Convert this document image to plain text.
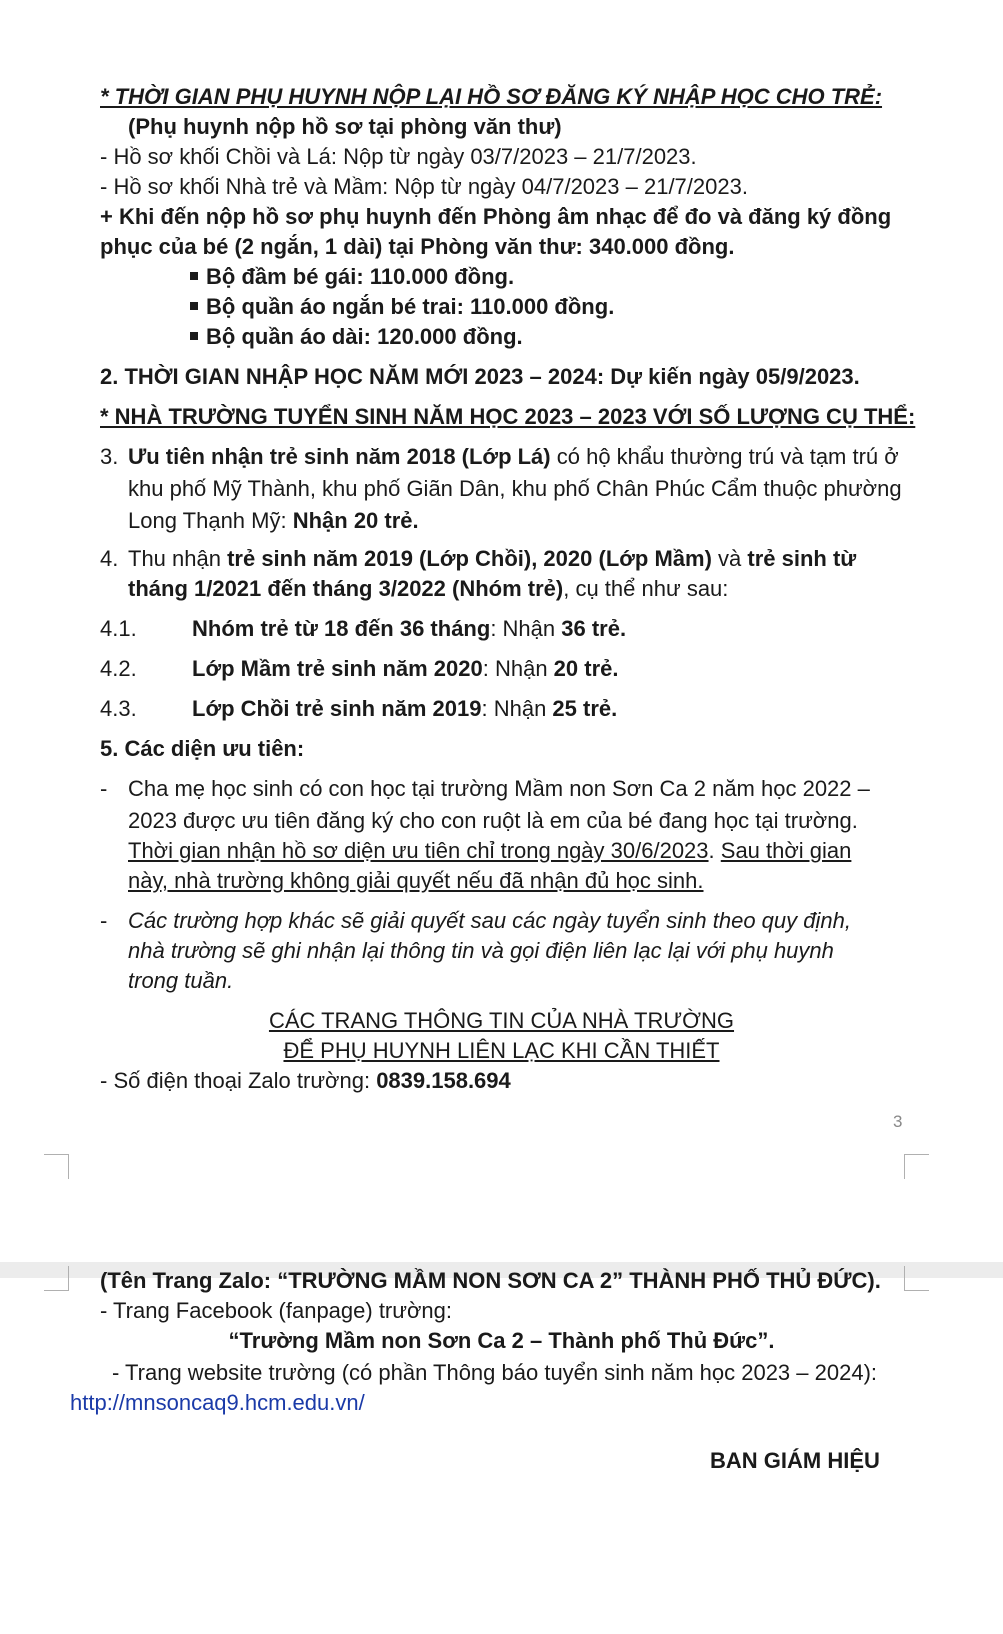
* THỜI GIAN PHỤ HUYNH NỘP LẠI HỒ SƠ ĐĂNG KÝ NHẬP HỌC CHO TRẺ:
(Phụ huynh nộp hồ sơ tại phòng văn thư)
- Hồ sơ khối Chồi và Lá: Nộp từ ngày 03/7/2023 – 21/7/2023.
- Hồ sơ khối Nhà trẻ và Mầm: Nộp từ ngày 04/7/2023 – 21/7/2023.
+ Khi đến nộp hồ sơ phụ huynh đến Phòng âm nhạc để đo và đăng ký đồng
phục của bé (2 ngắn, 1 dài) tại Phòng văn thư: 340.000 đồng.
Bộ đầm bé gái: 110.000 đồng.
Bộ quần áo ngắn bé trai: 110.000 đồng.
Bộ quần áo dài: 120.000 đồng.
2. THỜI GIAN NHẬP HỌC NĂM MỚI 2023 – 2024: Dự kiến ngày 05/9/2023.
* NHÀ TRƯỜNG TUYỂN SINH NĂM HỌC 2023 – 2023 VỚI SỐ LƯỢNG CỤ THỂ:
3. Ưu tiên nhận trẻ sinh năm 2018 (Lớp Lá) có hộ khẩu thường trú và tạm trú ở
khu phố Mỹ Thành, khu phố Giãn Dân, khu phố Chân Phúc Cẩm thuộc phường
Long Thạnh Mỹ: Nhận 20 trẻ.
4. Thu nhận trẻ sinh năm 2019 (Lớp Chồi), 2020 (Lớp Mầm) và trẻ sinh từ
tháng 1/2021 đến tháng 3/2022 (Nhóm trẻ), cụ thể như sau:
4.1.	Nhóm trẻ từ 18 đến 36 tháng: Nhận 36 trẻ.
4.2.	Lớp Mầm trẻ sinh năm 2020: Nhận 20 trẻ.
4.3.	Lớp Chồi trẻ sinh năm 2019: Nhận 25 trẻ.
5. Các diện ưu tiên:
- Cha mẹ học sinh có con học tại trường Mầm non Sơn Ca 2 năm học 2022 –
2023 được ưu tiên đăng ký cho con ruột là em của bé đang học tại trường.
Thời gian nhận hồ sơ diện ưu tiên chỉ trong ngày 30/6/2023. Sau thời gian
này, nhà trường không giải quyết nếu đã nhận đủ học sinh.
- Các trường hợp khác sẽ giải quyết sau các ngày tuyển sinh theo quy định,
nhà trường sẽ ghi nhận lại thông tin và gọi điện liên lạc lại với phụ huynh
trong tuần.
CÁC TRANG THÔNG TIN CỦA NHÀ TRƯỜNG
ĐỂ PHỤ HUYNH LIÊN LẠC KHI CẦN THIẾT
- Số điện thoại Zalo trường: 0839.158.694
3
(Tên Trang Zalo: “TRƯỜNG MẦM NON SƠN CA 2” THÀNH PHỐ THỦ ĐỨC).
- Trang Facebook (fanpage) trường:
“Trường Mầm non Sơn Ca 2 – Thành phố Thủ Đức”.
- Trang website trường (có phần Thông báo tuyển sinh năm học 2023 – 2024):
http://mnsoncaq9.hcm.edu.vn/
BAN GIÁM HIỆU
